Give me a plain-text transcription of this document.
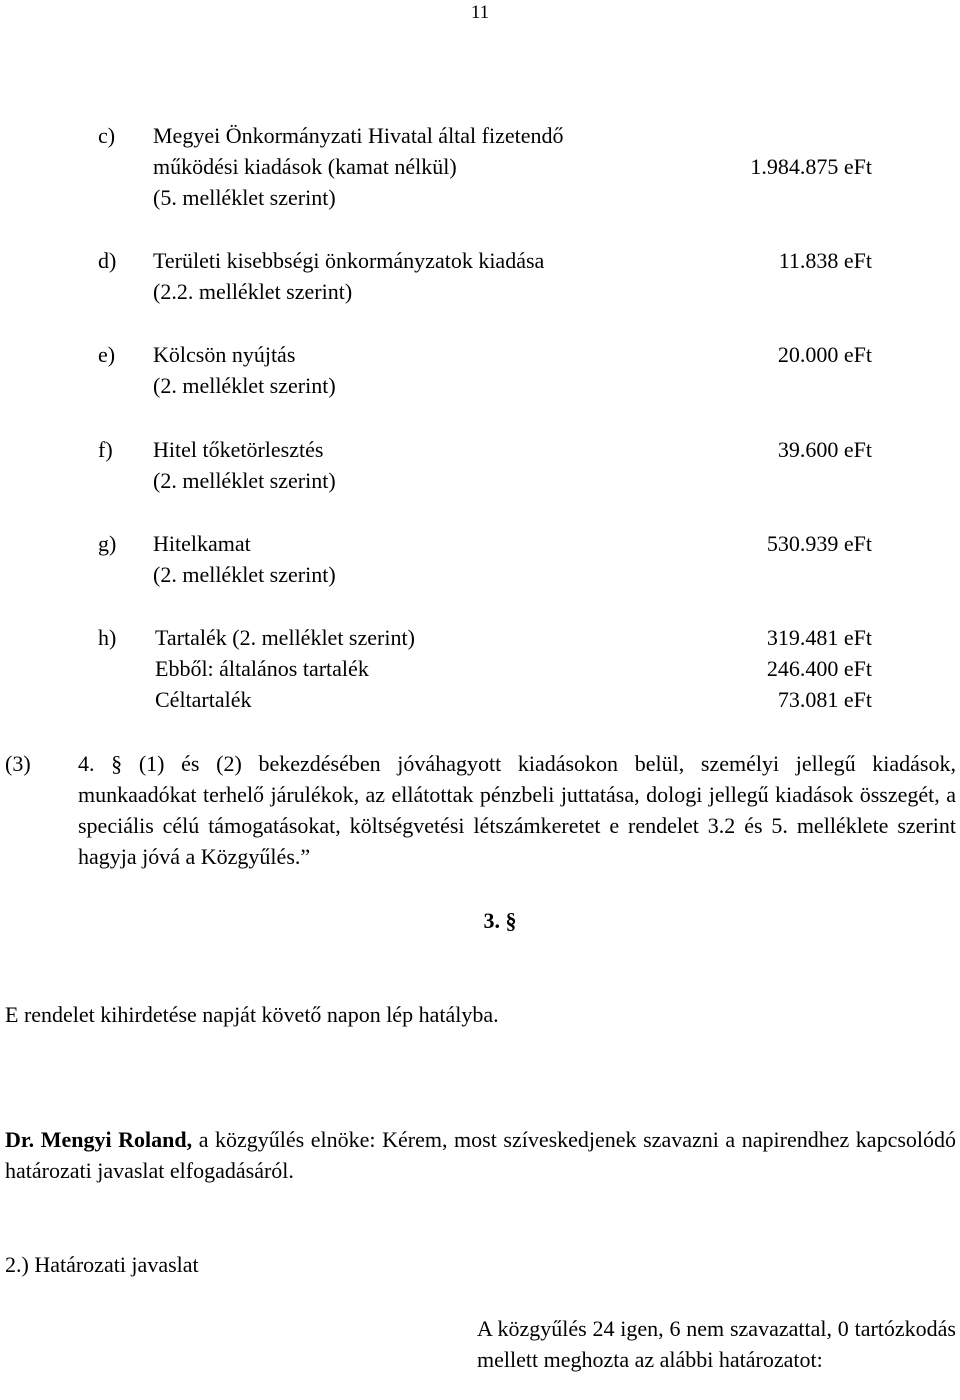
11
c) Megyei Önkormányzati Hivatal által fizetendő
működési kiadások (kamat nélkül)
(5. melléklet szerint)
1.984.875 eFt
d) Területi kisebbségi önkormányzatok kiadása
(2.2. melléklet szerint)
11.838 eFt
e) Kölcsön nyújtás
(2. melléklet szerint)
20.000 eFt
f) Hitel tőketörlesztés
(2. melléklet szerint)
39.600 eFt
g) Hitelkamat
(2. melléklet szerint)
530.939 eFt
h) Tartalék (2. melléklet szerint)
Ebből: általános tartalék
Céltartalék
319.481 eFt
246.400 eFt
73.081 eFt
(3) 4. § (1) és (2) bekezdésében jóváhagyott kiadásokon belül, személyi jellegű kiadások, munkaadókat terhelő járulékok, az ellátottak pénzbeli juttatása, dologi jellegű kiadások összegét, a speciális célú támogatásokat, költségvetési létszámkeretet e rendelet 3.2 és 5. melléklete szerint hagyja jóvá a Közgyűlés.”
3. §
E rendelet kihirdetése napját követő napon lép hatályba.
Dr. Mengyi Roland, a közgyűlés elnöke: Kérem, most szíveskedjenek szavazni a napirendhez kapcsolódó határozati javaslat elfogadásáról.
2.) Határozati javaslat
A közgyűlés 24 igen, 6 nem szavazattal, 0 tartózkodás mellett meghozta az alábbi határozatot:
